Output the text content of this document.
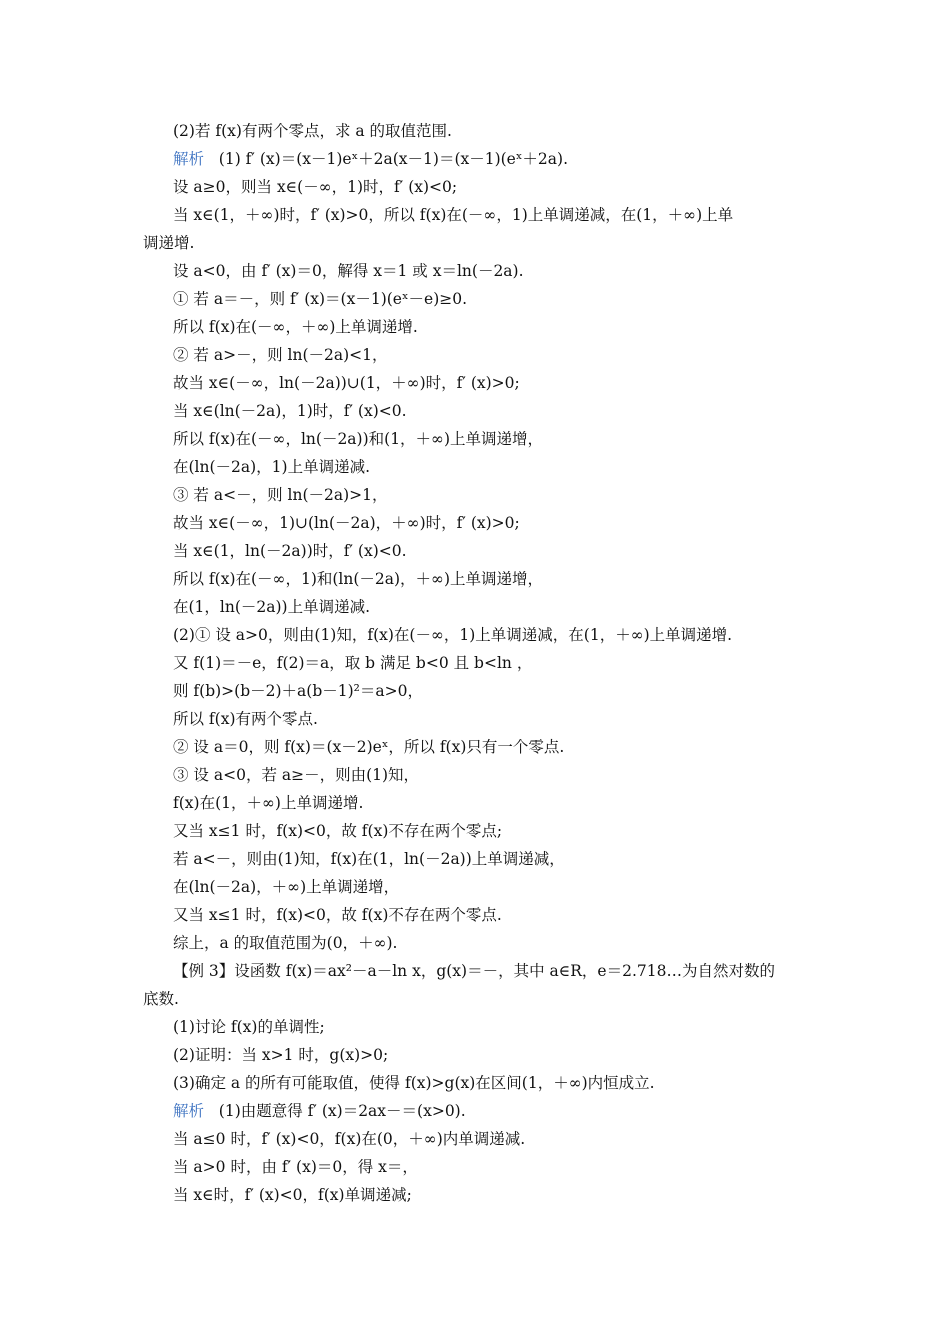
(2)若 f(x)有两个零点，求 a 的取值范围.
解析 (1) f′ (x)＝(x－1)eˣ＋2a(x－1)＝(x－1)(eˣ＋2a).
设 a≥0，则当 x∈(－∞，1)时，f′ (x)<0;
当 x∈(1，＋∞)时，f′ (x)>0，所以 f(x)在(－∞，1)上单调递减，在(1，＋∞)上单
调递增.
设 a<0，由 f′ (x)＝0，解得 x＝1 或 x＝ln(－2a).
① 若 a＝－，则 f′ (x)＝(x－1)(eˣ－e)≥0.
所以 f(x)在(－∞，＋∞)上单调递增.
② 若 a>－，则 ln(－2a)<1，
故当 x∈(－∞，ln(－2a))∪(1，＋∞)时，f′ (x)>0;
当 x∈(ln(－2a)，1)时，f′ (x)<0.
所以 f(x)在(－∞，ln(－2a))和(1，＋∞)上单调递增，
在(ln(－2a)，1)上单调递减.
③ 若 a<－，则 ln(－2a)>1，
故当 x∈(－∞，1)∪(ln(－2a)，＋∞)时，f′ (x)>0;
当 x∈(1，ln(－2a))时，f′ (x)<0.
所以 f(x)在(－∞，1)和(ln(－2a)，＋∞)上单调递增，
在(1，ln(－2a))上单调递减.
(2)① 设 a>0，则由(1)知，f(x)在(－∞，1)上单调递减，在(1，＋∞)上单调递增.
又 f(1)＝－e，f(2)＝a，取 b 满足 b<0 且 b<ln ，
则 f(b)>(b－2)＋a(b－1)²＝a>0，
所以 f(x)有两个零点.
② 设 a＝0，则 f(x)＝(x－2)eˣ，所以 f(x)只有一个零点.
③ 设 a<0，若 a≥－，则由(1)知，
f(x)在(1，＋∞)上单调递增.
又当 x≤1 时，f(x)<0，故 f(x)不存在两个零点;
若 a<－，则由(1)知，f(x)在(1，ln(－2a))上单调递减，
在(ln(－2a)，＋∞)上单调递增，
又当 x≤1 时，f(x)<0，故 f(x)不存在两个零点.
综上，a 的取值范围为(0，＋∞).
【例 3】设函数 f(x)＝ax²－a－ln x，g(x)＝－，其中 a∈R，e＝2.718…为自然对数的
底数.
(1)讨论 f(x)的单调性;
(2)证明：当 x>1 时，g(x)>0;
(3)确定 a 的所有可能取值，使得 f(x)>g(x)在区间(1，＋∞)内恒成立.
解析 (1)由题意得 f′ (x)＝2ax－＝(x>0).
当 a≤0 时，f′ (x)<0，f(x)在(0，＋∞)内单调递减.
当 a>0 时，由 f′ (x)＝0，得 x＝，
当 x∈时，f′ (x)<0，f(x)单调递减;
